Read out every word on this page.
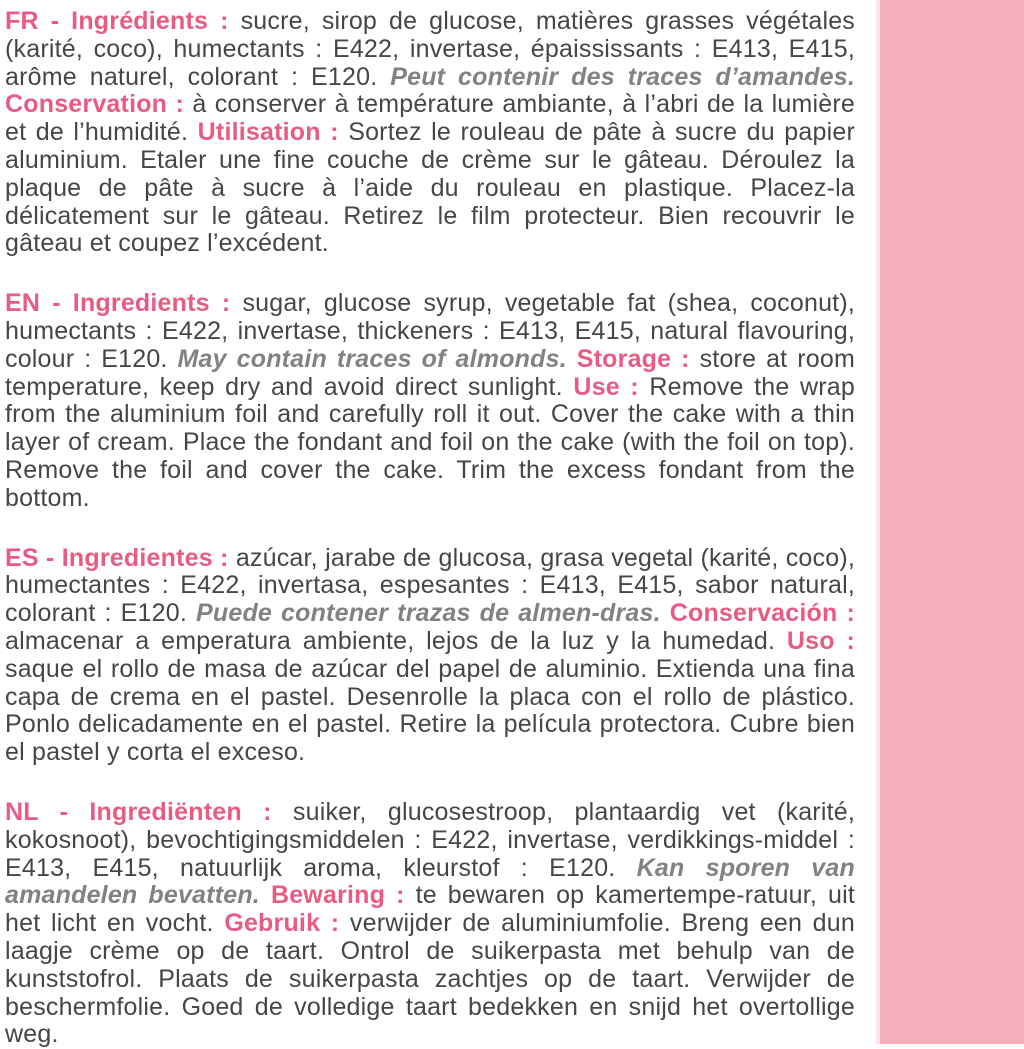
FR - Ingrédients : sucre, sirop de glucose, matières grasses végétales (karité, coco), humectants : E422, invertase, épaississants : E413, E415, arôme naturel, colorant : E120. Peut contenir des traces d’amandes. Conservation : à conserver à température ambiante, à l’abri de la lumière et de l’humidité. Utilisation : Sortez le rouleau de pâte à sucre du papier aluminium. Etaler une fine couche de crème sur le gâteau. Déroulez la plaque de pâte à sucre à l’aide du rouleau en plastique. Placez-la délicatement sur le gâteau. Retirez le film protecteur. Bien recouvrir le gâteau et coupez l’excédent.

EN - Ingredients : sugar, glucose syrup, vegetable fat (shea, coconut), humectants : E422, invertase, thickeners : E413, E415, natural flavouring, colour : E120. May contain traces of almonds. Storage : store at room temperature, keep dry and avoid direct sunlight. Use : Remove the wrap from the aluminium foil and carefully roll it out. Cover the cake with a thin layer of cream. Place the fondant and foil on the cake (with the foil on top). Remove the foil and cover the cake. Trim the excess fondant from the bottom.

ES - Ingredientes : azúcar, jarabe de glucosa, grasa vegetal (karité, coco), humectantes : E422, invertasa, espesantes : E413, E415, sabor natural, colorant : E120. Puede contener trazas de almen-dras. Conservación : almacenar a emperatura ambiente, lejos de la luz y la humedad. Uso : saque el rollo de masa de azúcar del papel de aluminio. Extienda una fina capa de crema en el pastel. Desenrolle la placa con el rollo de plástico. Ponlo delicadamente en el pastel. Retire la película protectora. Cubre bien el pastel y corta el exceso.

NL - Ingrediënten : suiker, glucosestroop, plantaardig vet (karité, kokosnoot), bevochtigingsmiddelen : E422, invertase, verdikkings-middel : E413, E415, natuurlijk aroma, kleurstof : E120. Kan sporen van amandelen bevatten. Bewaring : te bewaren op kamertempe-ratuur, uit het licht en vocht. Gebruik : verwijder de aluminiumfolie. Breng een dun laagje crème op de taart. Ontrol de suikerpasta met behulp van de kunststofrol. Plaats de suikerpasta zachtjes op de taart. Verwijder de beschermfolie. Goed de volledige taart bedekken en snijd het overtollige weg.
